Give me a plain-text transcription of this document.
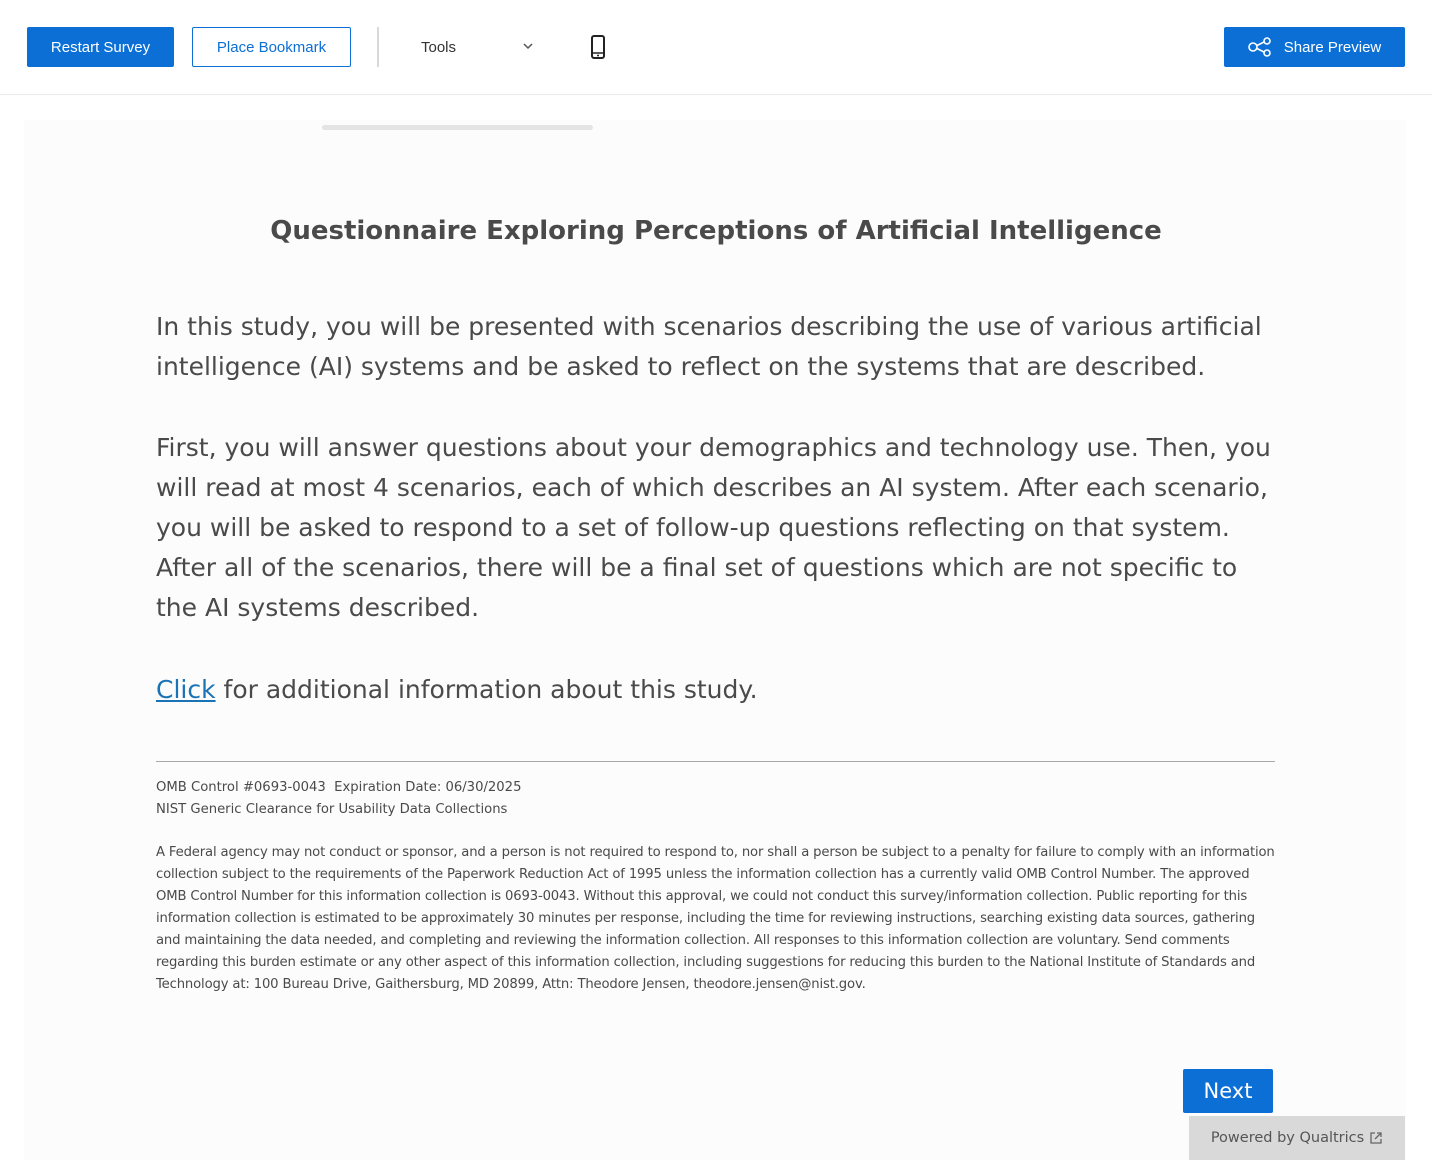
Restart Survey	Place Bookmark	Tools	Share Preview
Questionnaire Exploring Perceptions of Artificial Intelligence

In this study, you will be presented with scenarios describing the use of various artificial intelligence (AI) systems and be asked to reflect on the systems that are described.

First, you will answer questions about your demographics and technology use. Then, you will read at most 4 scenarios, each of which describes an AI system. After each scenario, you will be asked to respond to a set of follow-up questions reflecting on that system. After all of the scenarios, there will be a final set of questions which are not specific to the AI systems described.

Click for additional information about this study.

OMB Control #0693-0043  Expiration Date: 06/30/2025
NIST Generic Clearance for Usability Data Collections

A Federal agency may not conduct or sponsor, and a person is not required to respond to, nor shall a person be subject to a penalty for failure to comply with an information collection subject to the requirements of the Paperwork Reduction Act of 1995 unless the information collection has a currently valid OMB Control Number. The approved OMB Control Number for this information collection is 0693-0043. Without this approval, we could not conduct this survey/information collection. Public reporting for this information collection is estimated to be approximately 30 minutes per response, including the time for reviewing instructions, searching existing data sources, gathering and maintaining the data needed, and completing and reviewing the information collection. All responses to this information collection are voluntary. Send comments regarding this burden estimate or any other aspect of this information collection, including suggestions for reducing this burden to the National Institute of Standards and Technology at: 100 Bureau Drive, Gaithersburg, MD 20899, Attn: Theodore Jensen, theodore.jensen@nist.gov.

Next
Powered by Qualtrics
